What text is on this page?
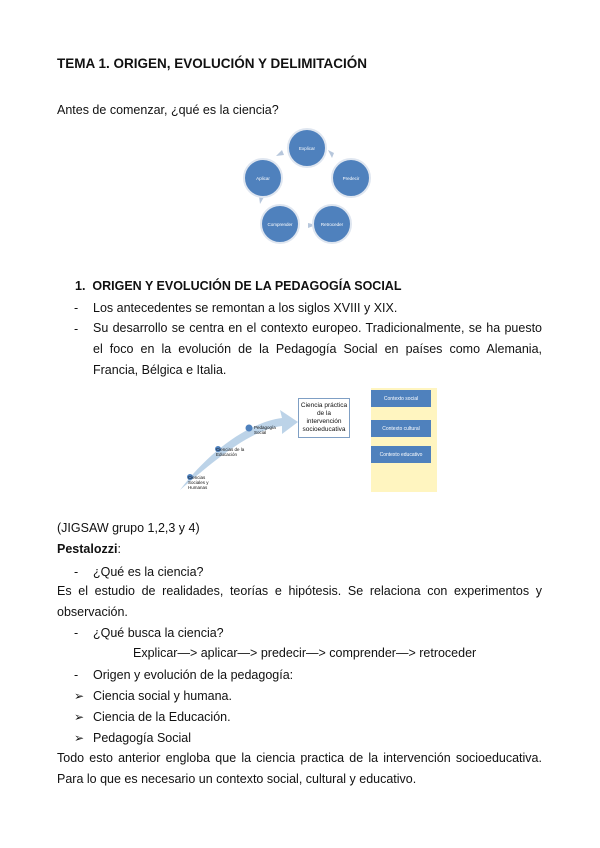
TEMA 1. ORIGEN, EVOLUCIÓN Y DELIMITACIÓN
Antes de comenzar, ¿qué es la ciencia?
Explicar
Predecir
Retroceder
Comprender
Aplicar
1. ORIGEN Y EVOLUCIÓN DE LA PEDAGOGÍA SOCIAL
- Los antecedentes se remontan a los siglos XVIII y XIX.
- Su desarrollo se centra en el contexto europeo. Tradicionalmente, se ha puesto el foco en la evolución de la Pedagogía Social en países como Alemania, Francia, Bélgica e Italia.
Ciencias Sociales y Humanas
Ciencias de la Educación
Pedagogía Social
Ciencia práctica de la intervención socioeducativa
Contexto social
Contexto cultural
Contexto educativo
(JIGSAW grupo 1,2,3 y 4)
Pestalozzi:
- ¿Qué es la ciencia?
Es el estudio de realidades, teorías e hipótesis. Se relaciona con experimentos y observación.
- ¿Qué busca la ciencia?
Explicar—> aplicar—> predecir—> comprender—> retroceder
- Origen y evolución de la pedagogía:
➢ Ciencia social y humana.
➢ Ciencia de la Educación.
➢ Pedagogía Social
Todo esto anterior engloba que la ciencia practica de la intervención socioeducativa. Para lo que es necesario un contexto social, cultural y educativo.
